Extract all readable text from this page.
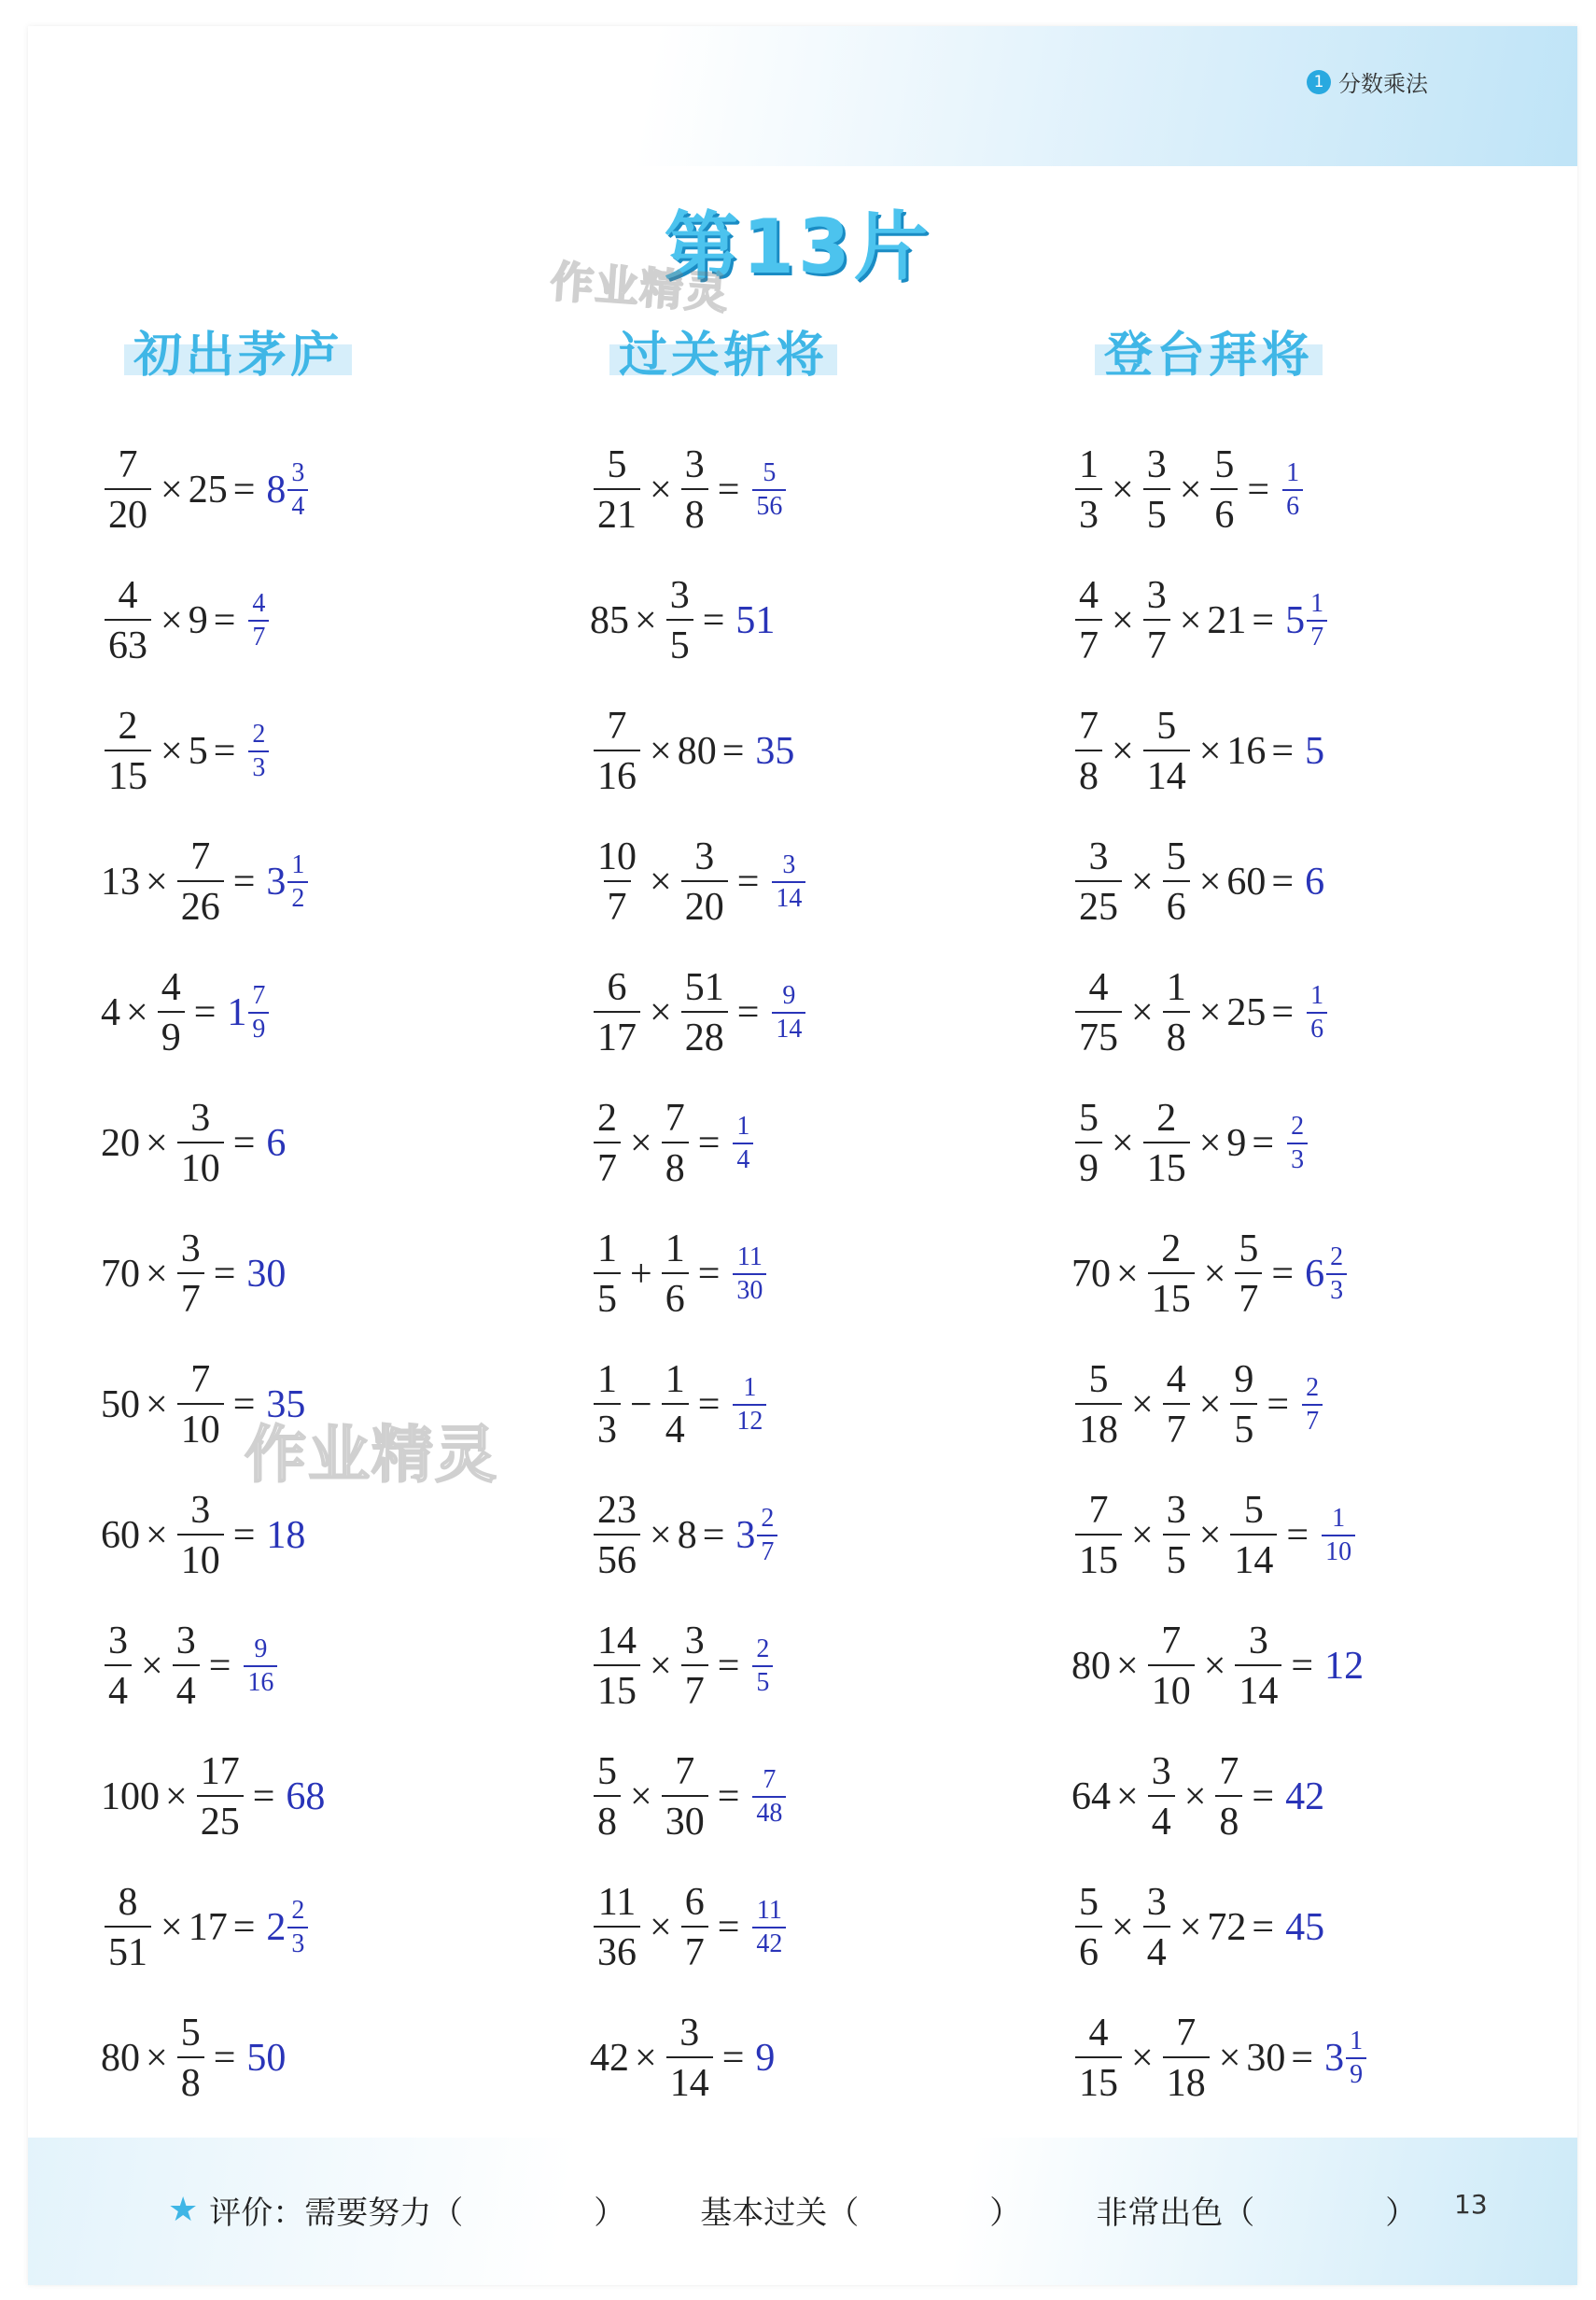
1 分数乘法
第13片
作业精灵
作业精灵
初出茅庐	过关斩将	登台拜将
$\frac{7}{20} \times 25 = 8 \frac{3}{4}$
$\frac{4}{63} \times 9 = \frac{4}{7}$
$\frac{2}{15} \times 5 = \frac{2}{3}$
$13 \times \frac{7}{26} = 3 \frac{1}{2}$
$4 \times \frac{4}{9} = 1 \frac{7}{9}$
$20 \times \frac{3}{10} = 6$
$70 \times \frac{3}{7} = 30$
$50 \times \frac{7}{10} = 35$
$60 \times \frac{3}{10} = 18$
$\frac{3}{4} \times \frac{3}{4} = \frac{9}{16}$
$100 \times \frac{17}{25} = 68$
$\frac{8}{51} \times 17 = 2 \frac{2}{3}$
$80 \times \frac{5}{8} = 50$
$\frac{5}{21} \times \frac{3}{8} = \frac{5}{56}$
$85 \times \frac{3}{5} = 51$
$\frac{7}{16} \times 80 = 35$
$\frac{10}{7} \times \frac{3}{20} = \frac{3}{14}$
$\frac{6}{17} \times \frac{51}{28} = \frac{9}{14}$
$\frac{2}{7} \times \frac{7}{8} = \frac{1}{4}$
$\frac{1}{5} + \frac{1}{6} = \frac{11}{30}$
$\frac{1}{3} - \frac{1}{4} = \frac{1}{12}$
$\frac{23}{56} \times 8 = 3 \frac{2}{7}$
$\frac{14}{15} \times \frac{3}{7} = \frac{2}{5}$
$\frac{5}{8} \times \frac{7}{30} = \frac{7}{48}$
$\frac{11}{36} \times \frac{6}{7} = \frac{11}{42}$
$42 \times \frac{3}{14} = 9$
$\frac{1}{3} \times \frac{3}{5} \times \frac{5}{6} = \frac{1}{6}$
$\frac{4}{7} \times \frac{3}{7} \times 21 = 5 \frac{1}{7}$
$\frac{7}{8} \times \frac{5}{14} \times 16 = 5$
$\frac{3}{25} \times \frac{5}{6} \times 60 = 6$
$\frac{4}{75} \times \frac{1}{8} \times 25 = \frac{1}{6}$
$\frac{5}{9} \times \frac{2}{15} \times 9 = \frac{2}{3}$
$70 \times \frac{2}{15} \times \frac{5}{7} = 6 \frac{2}{3}$
$\frac{5}{18} \times \frac{4}{7} \times \frac{9}{5} = \frac{2}{7}$
$\frac{7}{15} \times \frac{3}{5} \times \frac{5}{14} = \frac{1}{10}$
$80 \times \frac{7}{10} \times \frac{3}{14} = 12$
$64 \times \frac{3}{4} \times \frac{7}{8} = 42$
$\frac{5}{6} \times \frac{3}{4} \times 72 = 45$
$\frac{4}{15} \times \frac{7}{18} \times 30 = 3 \frac{1}{9}$
★ 评价： 需要努力（	） 基本过关（	） 非常出色（	） 13
